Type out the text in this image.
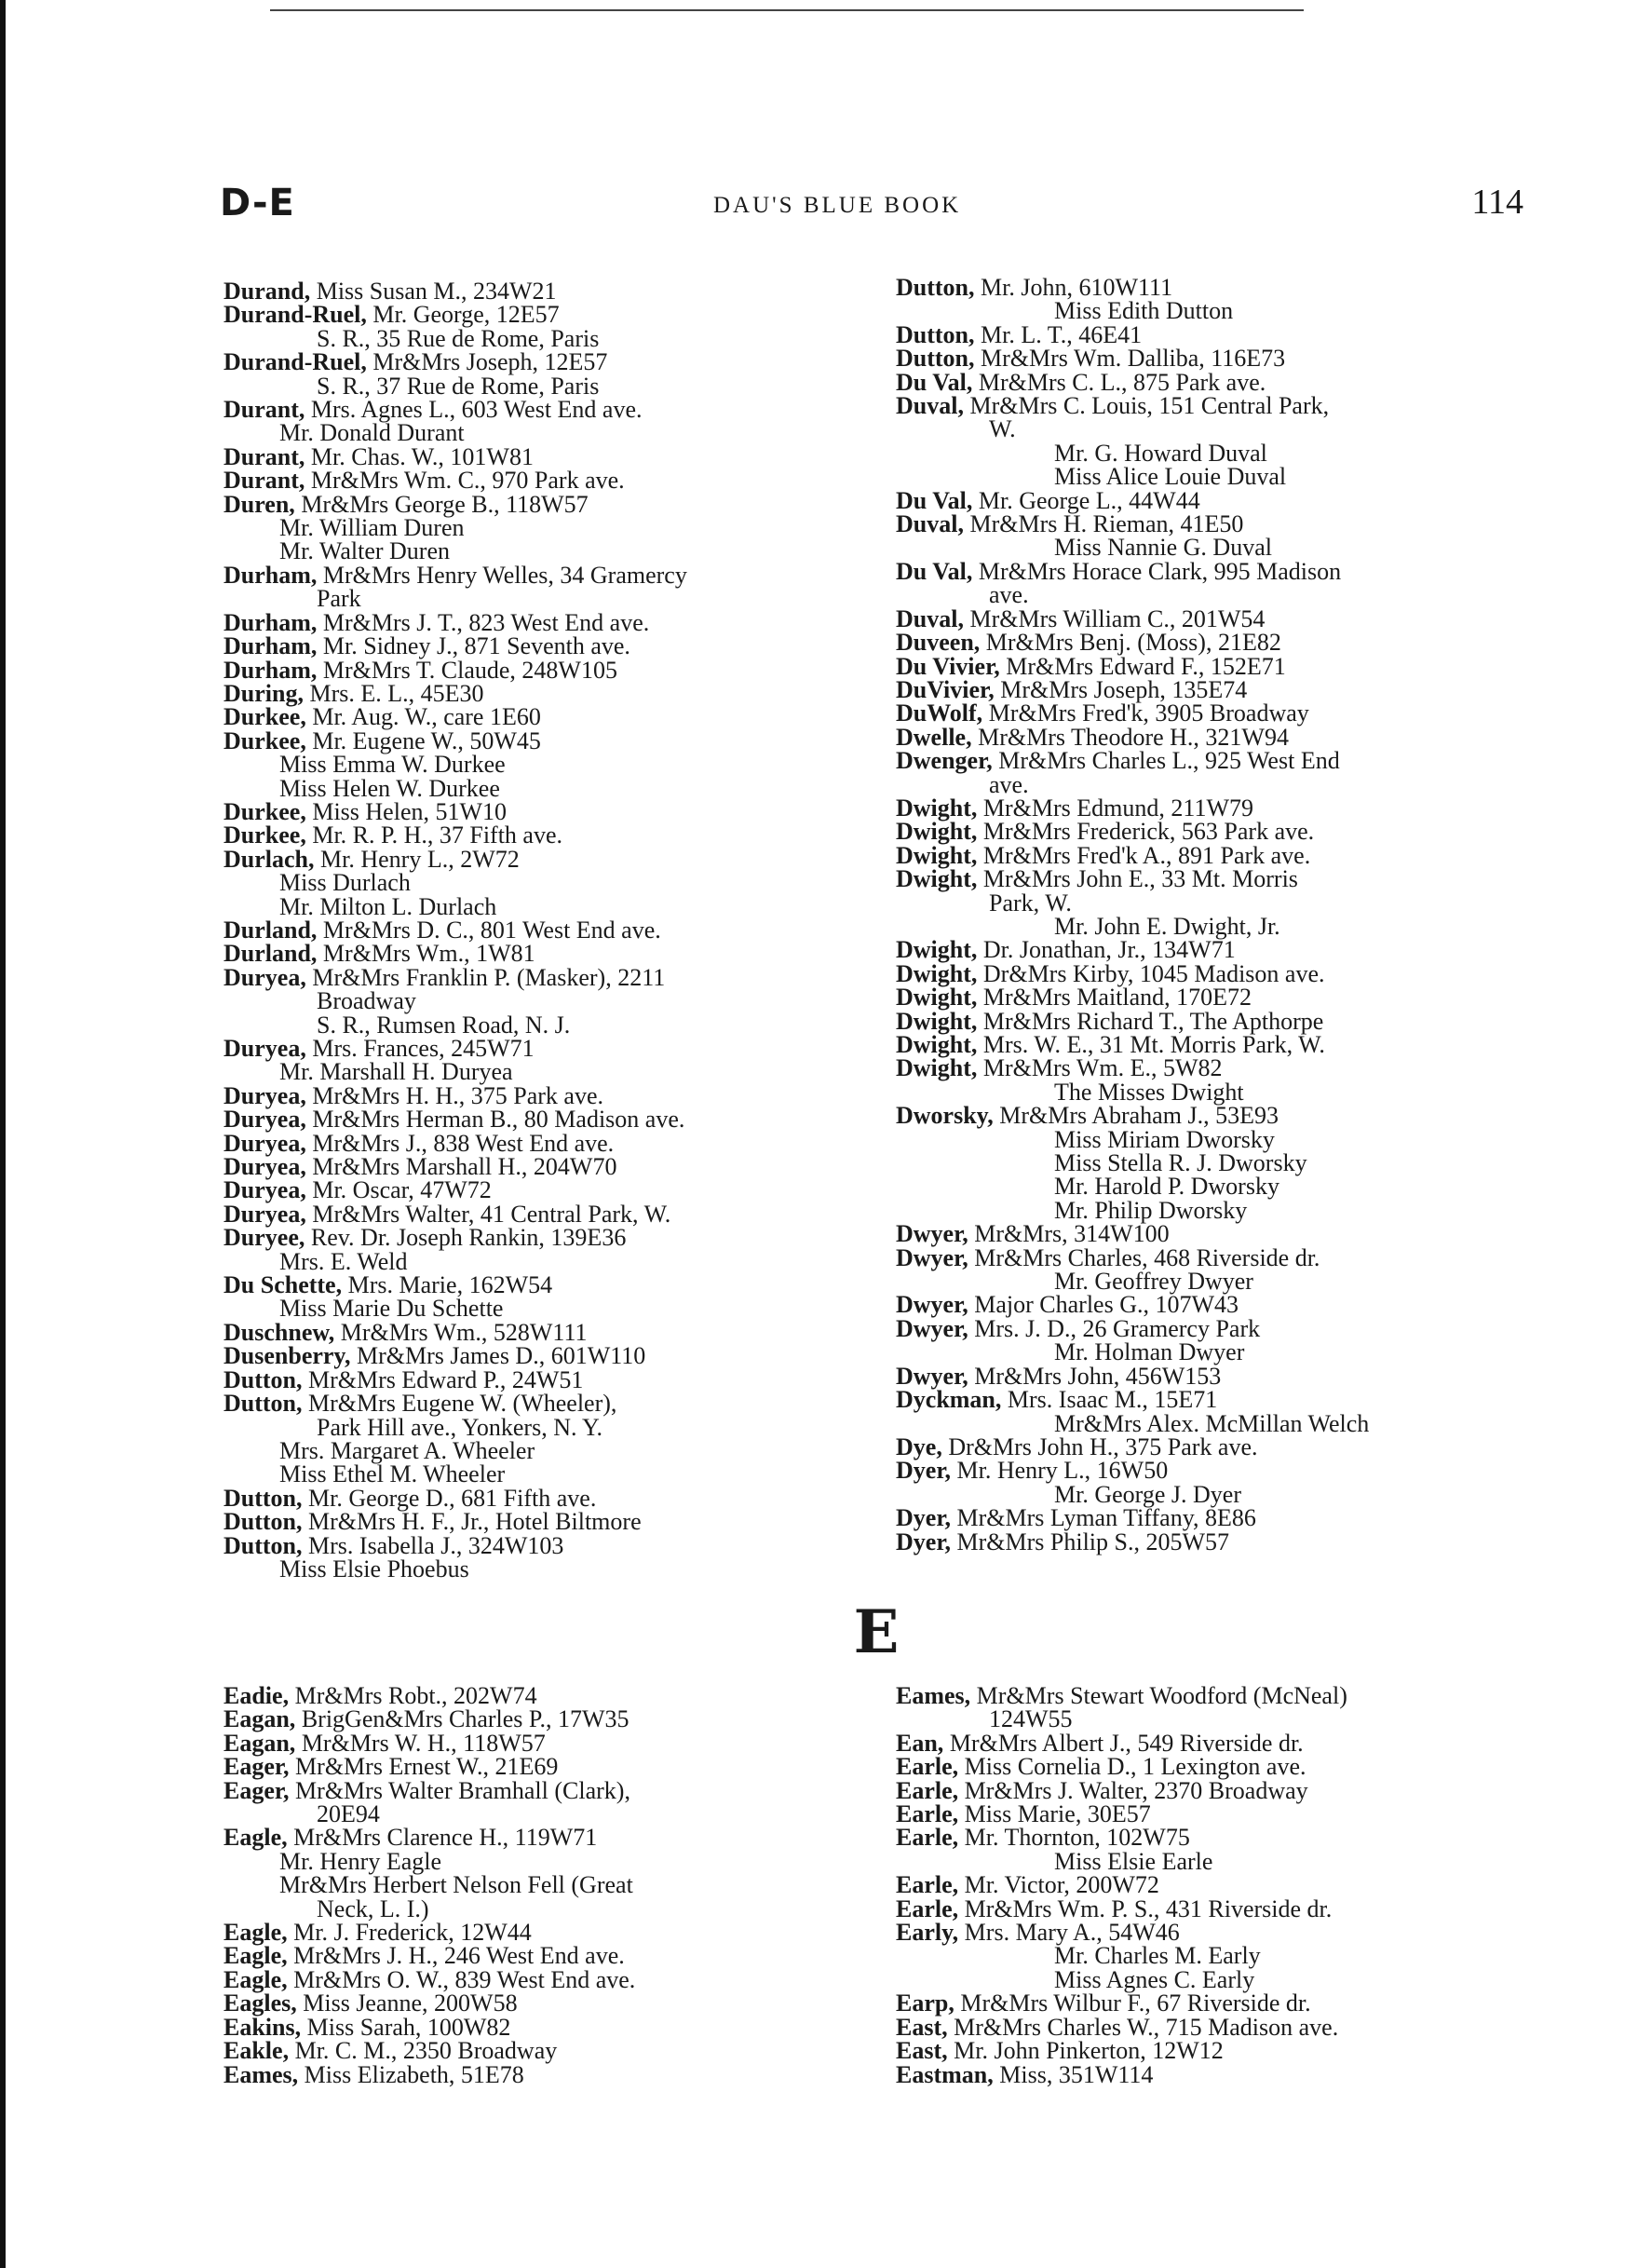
D-E	DAU'S BLUE BOOK	114
Durand, Miss Susan M., 234W21
Durand-Ruel, Mr. George, 12E57
S. R., 35 Rue de Rome, Paris
Durand-Ruel, Mr&Mrs Joseph, 12E57
S. R., 37 Rue de Rome, Paris
Durant, Mrs. Agnes L., 603 West End ave.
Mr. Donald Durant
Durant, Mr. Chas. W., 101W81
Durant, Mr&Mrs Wm. C., 970 Park ave.
Duren, Mr&Mrs George B., 118W57
Mr. William Duren
Mr. Walter Duren
Durham, Mr&Mrs Henry Welles, 34 Gramercy
Park
Durham, Mr&Mrs J. T., 823 West End ave.
Durham, Mr. Sidney J., 871 Seventh ave.
Durham, Mr&Mrs T. Claude, 248W105
During, Mrs. E. L., 45E30
Durkee, Mr. Aug. W., care 1E60
Durkee, Mr. Eugene W., 50W45
Miss Emma W. Durkee
Miss Helen W. Durkee
Durkee, Miss Helen, 51W10
Durkee, Mr. R. P. H., 37 Fifth ave.
Durlach, Mr. Henry L., 2W72
Miss Durlach
Mr. Milton L. Durlach
Durland, Mr&Mrs D. C., 801 West End ave.
Durland, Mr&Mrs Wm., 1W81
Duryea, Mr&Mrs Franklin P. (Masker), 2211
Broadway
S. R., Rumsen Road, N. J.
Duryea, Mrs. Frances, 245W71
Mr. Marshall H. Duryea
Duryea, Mr&Mrs H. H., 375 Park ave.
Duryea, Mr&Mrs Herman B., 80 Madison ave.
Duryea, Mr&Mrs J., 838 West End ave.
Duryea, Mr&Mrs Marshall H., 204W70
Duryea, Mr. Oscar, 47W72
Duryea, Mr&Mrs Walter, 41 Central Park, W.
Duryee, Rev. Dr. Joseph Rankin, 139E36
Mrs. E. Weld
Du Schette, Mrs. Marie, 162W54
Miss Marie Du Schette
Duschnew, Mr&Mrs Wm., 528W111
Dusenberry, Mr&Mrs James D., 601W110
Dutton, Mr&Mrs Edward P., 24W51
Dutton, Mr&Mrs Eugene W. (Wheeler),
Park Hill ave., Yonkers, N. Y.
Mrs. Margaret A. Wheeler
Miss Ethel M. Wheeler
Dutton, Mr. George D., 681 Fifth ave.
Dutton, Mr&Mrs H. F., Jr., Hotel Biltmore
Dutton, Mrs. Isabella J., 324W103
Miss Elsie Phoebus
Dutton, Mr. John, 610W111
Miss Edith Dutton
Dutton, Mr. L. T., 46E41
Dutton, Mr&Mrs Wm. Dalliba, 116E73
Du Val, Mr&Mrs C. L., 875 Park ave.
Duval, Mr&Mrs C. Louis, 151 Central Park,
W.
Mr. G. Howard Duval
Miss Alice Louie Duval
Du Val, Mr. George L., 44W44
Duval, Mr&Mrs H. Rieman, 41E50
Miss Nannie G. Duval
Du Val, Mr&Mrs Horace Clark, 995 Madison
ave.
Duval, Mr&Mrs William C., 201W54
Duveen, Mr&Mrs Benj. (Moss), 21E82
Du Vivier, Mr&Mrs Edward F., 152E71
DuVivier, Mr&Mrs Joseph, 135E74
DuWolf, Mr&Mrs Fred'k, 3905 Broadway
Dwelle, Mr&Mrs Theodore H., 321W94
Dwenger, Mr&Mrs Charles L., 925 West End
ave.
Dwight, Mr&Mrs Edmund, 211W79
Dwight, Mr&Mrs Frederick, 563 Park ave.
Dwight, Mr&Mrs Fred'k A., 891 Park ave.
Dwight, Mr&Mrs John E., 33 Mt. Morris
Park, W.
Mr. John E. Dwight, Jr.
Dwight, Dr. Jonathan, Jr., 134W71
Dwight, Dr&Mrs Kirby, 1045 Madison ave.
Dwight, Mr&Mrs Maitland, 170E72
Dwight, Mr&Mrs Richard T., The Apthorpe
Dwight, Mrs. W. E., 31 Mt. Morris Park, W.
Dwight, Mr&Mrs Wm. E., 5W82
The Misses Dwight
Dworsky, Mr&Mrs Abraham J., 53E93
Miss Miriam Dworsky
Miss Stella R. J. Dworsky
Mr. Harold P. Dworsky
Mr. Philip Dworsky
Dwyer, Mr&Mrs, 314W100
Dwyer, Mr&Mrs Charles, 468 Riverside dr.
Mr. Geoffrey Dwyer
Dwyer, Major Charles G., 107W43
Dwyer, Mrs. J. D., 26 Gramercy Park
Mr. Holman Dwyer
Dwyer, Mr&Mrs John, 456W153
Dyckman, Mrs. Isaac M., 15E71
Mr&Mrs Alex. McMillan Welch
Dye, Dr&Mrs John H., 375 Park ave.
Dyer, Mr. Henry L., 16W50
Mr. George J. Dyer
Dyer, Mr&Mrs Lyman Tiffany, 8E86
Dyer, Mr&Mrs Philip S., 205W57
E
Eadie, Mr&Mrs Robt., 202W74
Eagan, BrigGen&Mrs Charles P., 17W35
Eagan, Mr&Mrs W. H., 118W57
Eager, Mr&Mrs Ernest W., 21E69
Eager, Mr&Mrs Walter Bramhall (Clark),
20E94
Eagle, Mr&Mrs Clarence H., 119W71
Mr. Henry Eagle
Mr&Mrs Herbert Nelson Fell (Great
Neck, L. I.)
Eagle, Mr. J. Frederick, 12W44
Eagle, Mr&Mrs J. H., 246 West End ave.
Eagle, Mr&Mrs O. W., 839 West End ave.
Eagles, Miss Jeanne, 200W58
Eakins, Miss Sarah, 100W82
Eakle, Mr. C. M., 2350 Broadway
Eames, Miss Elizabeth, 51E78
Eames, Mr&Mrs Stewart Woodford (McNeal)
124W55
Ean, Mr&Mrs Albert J., 549 Riverside dr.
Earle, Miss Cornelia D., 1 Lexington ave.
Earle, Mr&Mrs J. Walter, 2370 Broadway
Earle, Miss Marie, 30E57
Earle, Mr. Thornton, 102W75
Miss Elsie Earle
Earle, Mr. Victor, 200W72
Earle, Mr&Mrs Wm. P. S., 431 Riverside dr.
Early, Mrs. Mary A., 54W46
Mr. Charles M. Early
Miss Agnes C. Early
Earp, Mr&Mrs Wilbur F., 67 Riverside dr.
East, Mr&Mrs Charles W., 715 Madison ave.
East, Mr. John Pinkerton, 12W12
Eastman, Miss, 351W114
